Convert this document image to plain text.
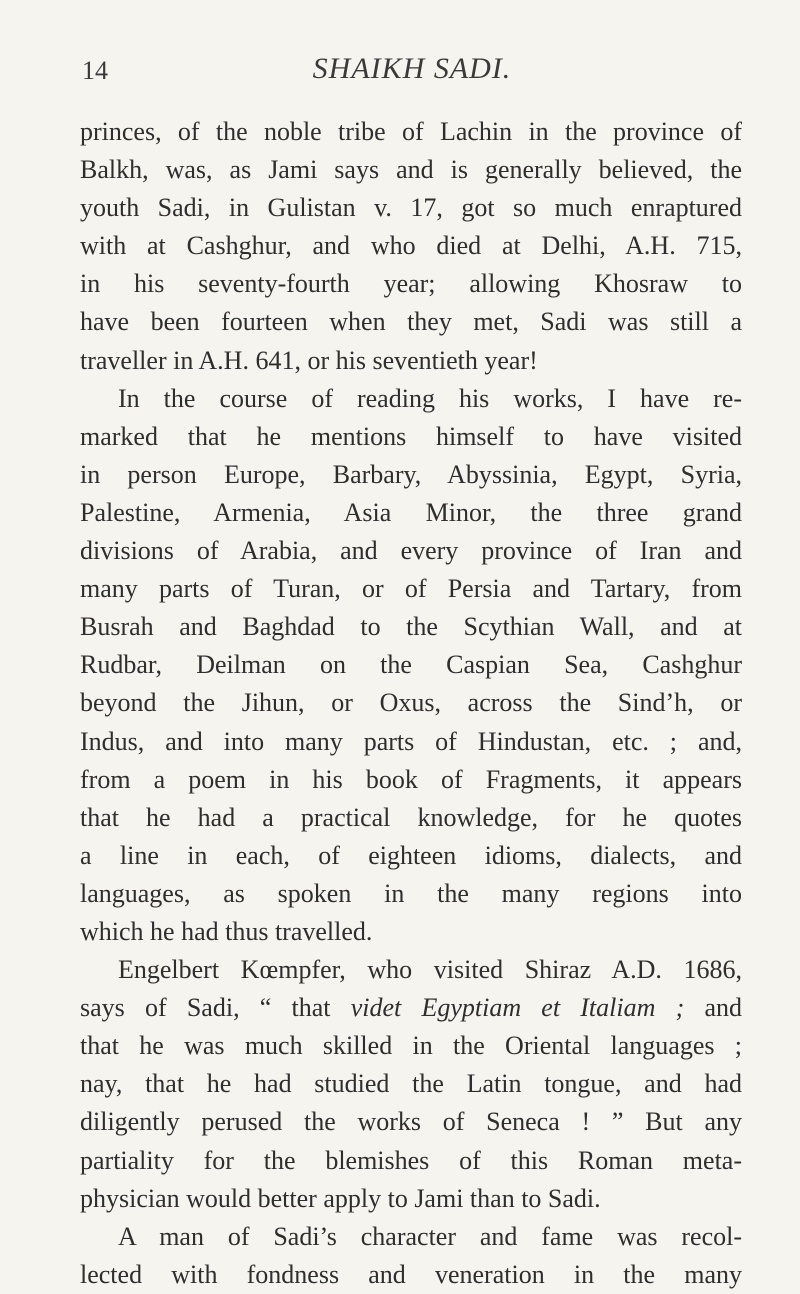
14	SHAIKH SADI.
princes, of the noble tribe of Lachin in the province of
Balkh, was, as Jami says and is generally believed, the
youth Sadi, in Gulistan v. 17, got so much enraptured
with at Cashghur, and who died at Delhi, A.H. 715,
in his seventy-fourth year; allowing Khosraw to
have been fourteen when they met, Sadi was still a
traveller in A.H. 641, or his seventieth year!
In the course of reading his works, I have re-
marked that he mentions himself to have visited
in person Europe, Barbary, Abyssinia, Egypt, Syria,
Palestine, Armenia, Asia Minor, the three grand
divisions of Arabia, and every province of Iran and
many parts of Turan, or of Persia and Tartary, from
Busrah and Baghdad to the Scythian Wall, and at
Rudbar, Deilman on the Caspian Sea, Cashghur
beyond the Jihun, or Oxus, across the Sind’h, or
Indus, and into many parts of Hindustan, etc. ; and,
from a poem in his book of Fragments, it appears
that he had a practical knowledge, for he quotes
a line in each, of eighteen idioms, dialects, and
languages, as spoken in the many regions into
which he had thus travelled.
Engelbert Kœmpfer, who visited Shiraz A.D. 1686,
says of Sadi, “ that videt Egyptiam et Italiam ; and
that he was much skilled in the Oriental languages ;
nay, that he had studied the Latin tongue, and had
diligently perused the works of Seneca ! ” But any
partiality for the blemishes of this Roman meta-
physician would better apply to Jami than to Sadi.
A man of Sadi’s character and fame was recol-
lected with fondness and veneration in the many
